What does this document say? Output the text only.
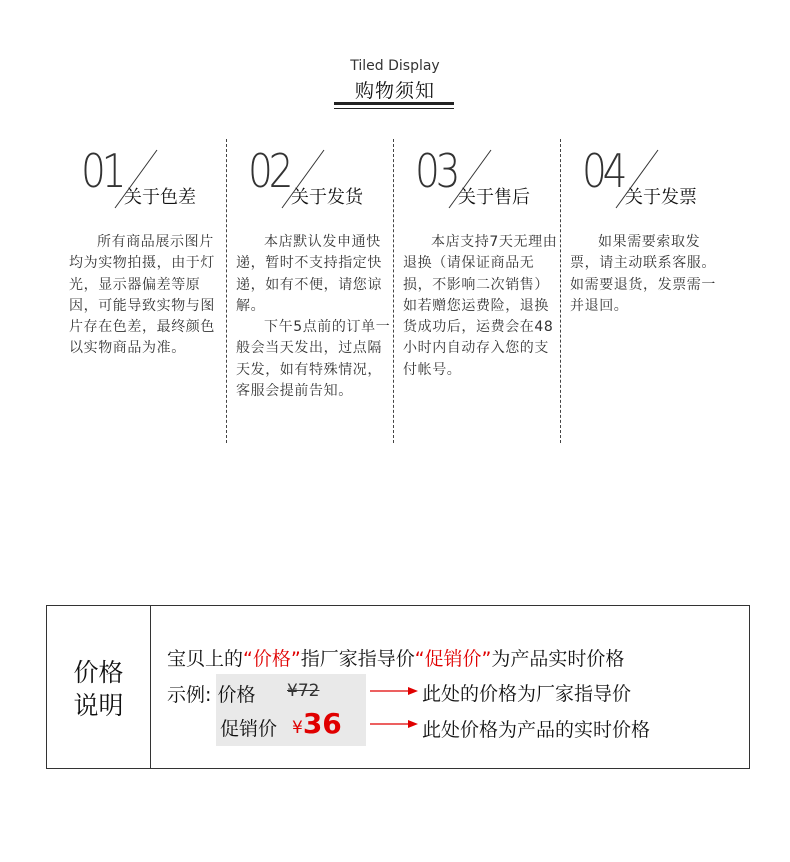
Tiled Display
购物须知
01 关于色差

所有商品展示图片均为实物拍摄，由于灯光，显示器偏差等原因，可能导致实物与图片存在色差，最终颜色以实物商品为准。

02 关于发货

本店默认发申通快递，暂时不支持指定快递，如有不便，请您谅解。

下午5点前的订单一般会当天发出，过点隔天发，如有特殊情况，客服会提前告知。

03 关于售后

本店支持7天无理由退换（请保证商品无损，不影响二次销售）如若赠您运费险，退换货成功后，运费会在48小时内自动存入您的支付帐号。

04 关于发票

如果需要索取发票，请主动联系客服。如需要退货，发票需一并退回。

价格
说明
宝贝上的“价格”指厂家指导价“促销价”为产品实时价格
示例: 价格 ¥72
促销价 ¥36
此处的价格为厂家指导价
此处价格为产品的实时价格
